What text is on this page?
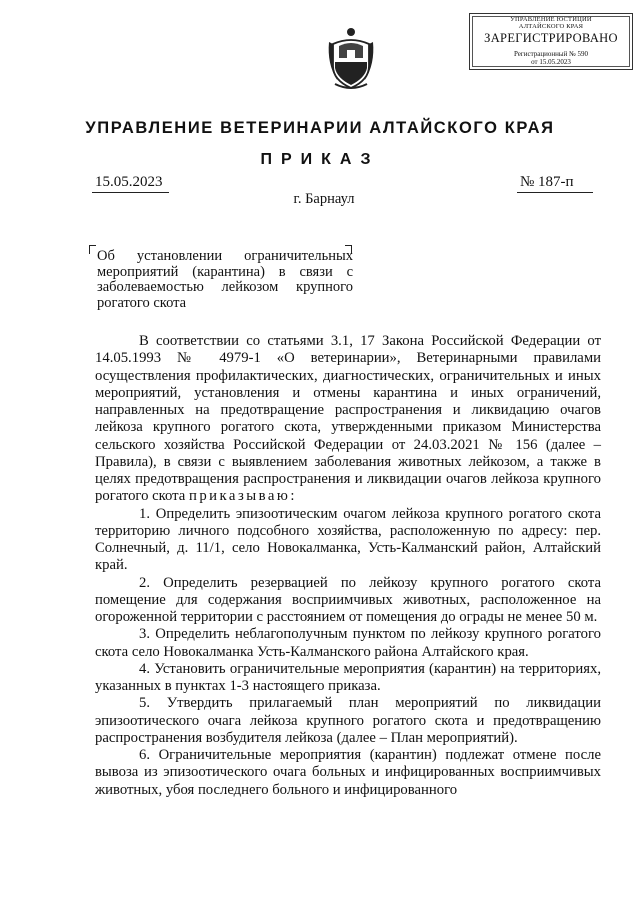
УПРАВЛЕНИЕ ЮСТИЦИИ
АЛТАЙСКОГО КРАЯ
ЗАРЕГИСТРИРОВАНО
Регистрационный № 590
от 15.05.2023
УПРАВЛЕНИЕ ВЕТЕРИНАРИИ АЛТАЙСКОГО КРАЯ
ПРИКАЗ
15.05.2023	№ 187-п
г. Барнаул
Об установлении ограничительных мероприятий (карантина) в связи с заболеваемостью лейкозом крупного рогатого скота

В соответствии со статьями 3.1, 17 Закона Российской Федерации от 14.05.1993 № 4979-1 «О ветеринарии», Ветеринарными правилами осуществления профилактических, диагностических, ограничительных и иных мероприятий, установления и отмены карантина и иных ограничений, направленных на предотвращение распространения и ликвидацию очагов лейкоза крупного рогатого скота, утвержденными приказом Министерства сельского хозяйства Российской Федерации от 24.03.2021 № 156 (далее – Правила), в связи с выявлением заболевания животных лейкозом, а также в целях предотвращения распространения и ликвидации очагов лейкоза крупного рогатого скота приказываю:

1. Определить эпизоотическим очагом лейкоза крупного рогатого скота территорию личного подсобного хозяйства, расположенную по адресу: пер. Солнечный, д. 11/1, село Новокалманка, Усть-Калманский район, Алтайский край.

2. Определить резервацией по лейкозу крупного рогатого скота помещение для содержания восприимчивых животных, расположенное на огороженной территории с расстоянием от помещения до ограды не менее 50 м.

3. Определить неблагополучным пунктом по лейкозу крупного рогатого скота село Новокалманка Усть-Калманского района Алтайского края.

4. Установить ограничительные мероприятия (карантин) на территориях, указанных в пунктах 1-3 настоящего приказа.

5. Утвердить прилагаемый план мероприятий по ликвидации эпизоотического очага лейкоза крупного рогатого скота и предотвращению распространения возбудителя лейкоза (далее – План мероприятий).

6. Ограничительные мероприятия (карантин) подлежат отмене после вывоза из эпизоотического очага больных и инфицированных восприимчивых животных, убоя последнего больного и инфицированного
